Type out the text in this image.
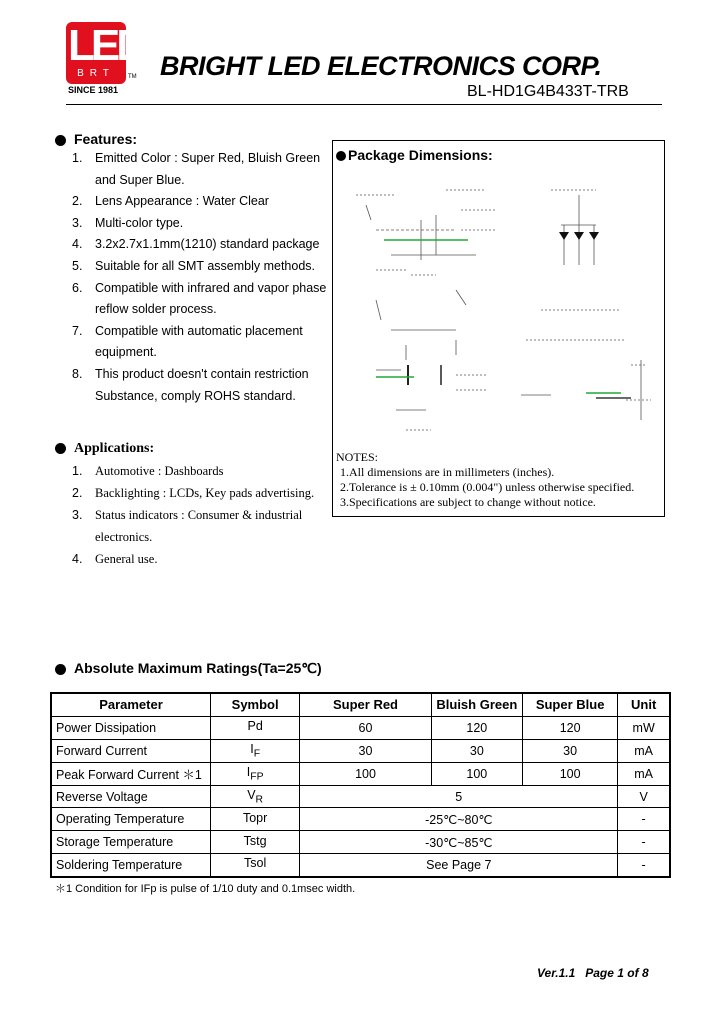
LED
BRT	TM
SINCE 1981
BRIGHT LED ELECTRONICS CORP.
BL-HD1G4B433T-TRB
Features:
1.	Emitted Color : Super Red, Bluish Green and Super Blue.
2.	Lens Appearance : Water Clear
3.	Multi-color type.
4.	3.2x2.7x1.1mm(1210) standard package
5.	Suitable for all SMT assembly methods.
6.	Compatible with infrared and vapor phase reflow solder process.
7.	Compatible with automatic placement equipment.
8.	This product doesn't contain restriction Substance, comply ROHS standard.
Package Dimensions:
NOTES:
1.All dimensions are in millimeters (inches).
2.Tolerance is ± 0.10mm (0.004") unless otherwise specified.
3.Specifications are subject to change without notice.
Applications:
1.	Automotive : Dashboards
2.	Backlighting : LCDs, Key pads advertising.
3.	Status indicators : Consumer & industrial electronics.
4.	General use.
Absolute Maximum Ratings(Ta=25℃)
Parameter	Symbol	Super Red	Bluish Green	Super Blue	Unit
Power Dissipation	Pd	60	120	120	mW
Forward Current	$I_F$	30	30	30	mA
Peak Forward Current ＊1	$I_{FP}$	100	100	100	mA
Reverse Voltage	$V_R$	5			V
Operating Temperature	Topr	-25℃~80℃			-
Storage Temperature	Tstg	-30℃~85℃			-
Soldering Temperature	Tsol	See Page 7			-
＊1 Condition for IFp is pulse of 1/10 duty and 0.1msec width.
Ver.1.1   Page 1 of 8
